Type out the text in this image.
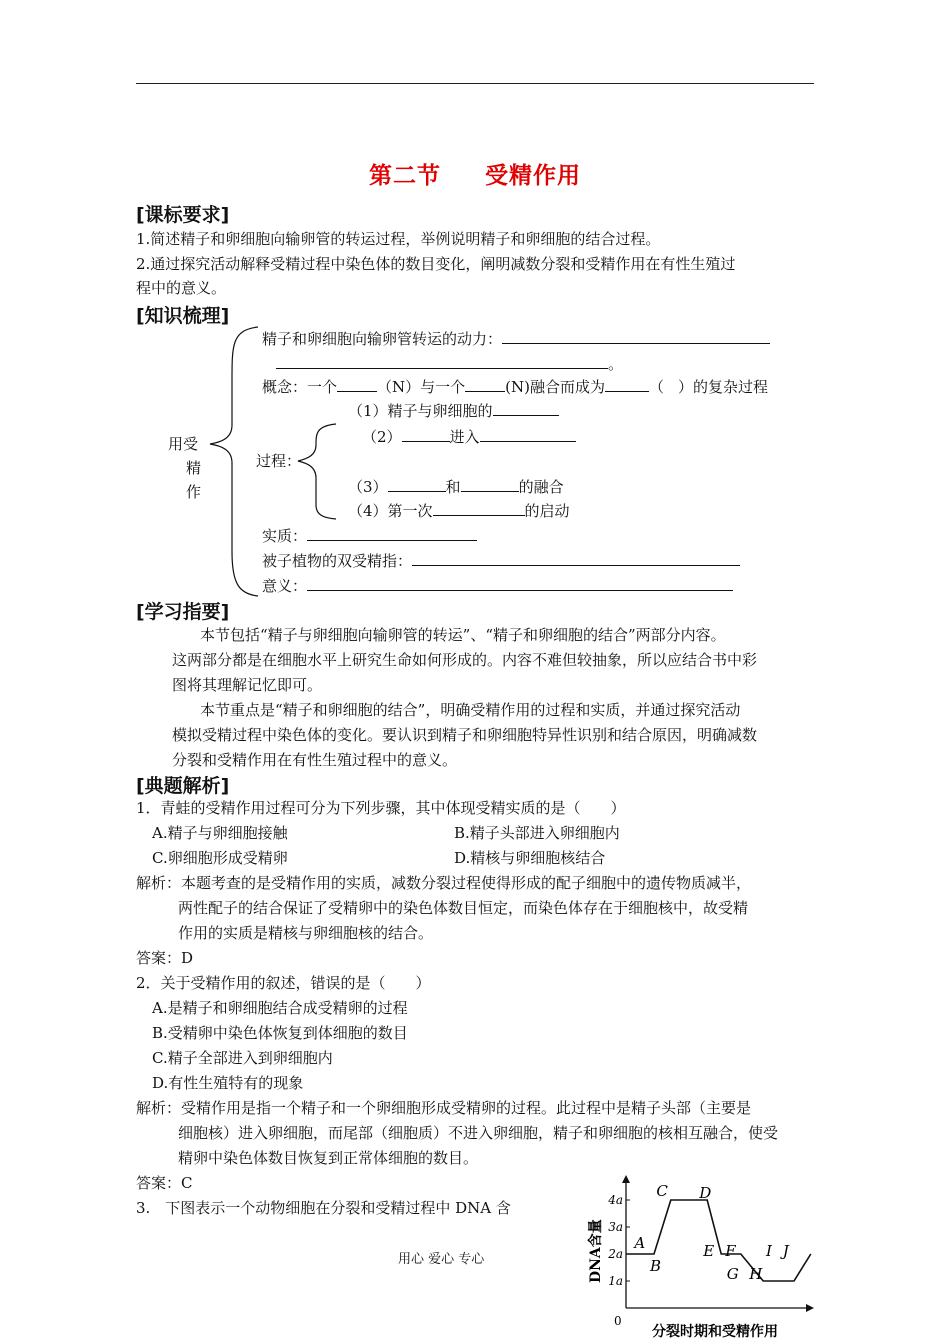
第二节 受精作用
[课标要求]
1.简述精子和卵细胞向输卵管的转运过程，举例说明精子和卵细胞的结合过程。
2.通过探究活动解释受精过程中染色体的数目变化，阐明减数分裂和受精作用在有性生殖过
程中的意义。
[知识梳理]
用受
精
作
精子和卵细胞向输卵管转运的动力：
。
概念：一个	（N）与一个	(N)融合而成为	（ ）的复杂过程
（1）精子与卵细胞的
（2）	进入
过程：
（3）	和	的融合
（4）第一次	的启动
实质：
被子植物的双受精指：
意义：
[学习指要]
本节包括“精子与卵细胞向输卵管的转运”、“精子和卵细胞的结合”两部分内容。
这两部分都是在细胞水平上研究生命如何形成的。内容不难但较抽象，所以应结合书中彩
图将其理解记忆即可。
本节重点是“精子和卵细胞的结合”，明确受精作用的过程和实质，并通过探究活动
模拟受精过程中染色体的变化。要认识到精子和卵细胞特异性识别和结合原因，明确减数
分裂和受精作用在有性生殖过程中的意义。
[典题解析]
1．青蛙的受精作用过程可分为下列步骤，其中体现受精实质的是（　　）
A.精子与卵细胞接触	B.精子头部进入卵细胞内
C.卵细胞形成受精卵	D.精核与卵细胞核结合
解析：本题考查的是受精作用的实质，减数分裂过程使得形成的配子细胞中的遗传物质减半，
两性配子的结合保证了受精卵中的染色体数目恒定，而染色体存在于细胞核中，故受精
作用的实质是精核与卵细胞核的结合。
答案：D
2．关于受精作用的叙述，错误的是（　　）
A.是精子和卵细胞结合成受精卵的过程
B.受精卵中染色体恢复到体细胞的数目
C.精子全部进入到卵细胞内
D.有性生殖特有的现象
解析：受精作用是指一个精子和一个卵细胞形成受精卵的过程。此过程中是精子头部（主要是
细胞核）进入卵细胞，而尾部（细胞质）不进入卵细胞，精子和卵细胞的核相互融合，使受
精卵中染色体数目恢复到正常体细胞的数目。
答案：C
3.　下图表示一个动物细胞在分裂和受精过程中 DNA 含
用心 爱心 专心
1a
2a
3a
4a
0
DNA含量
分裂时期和受精作用
A
B
C D
E F
G H
I J
